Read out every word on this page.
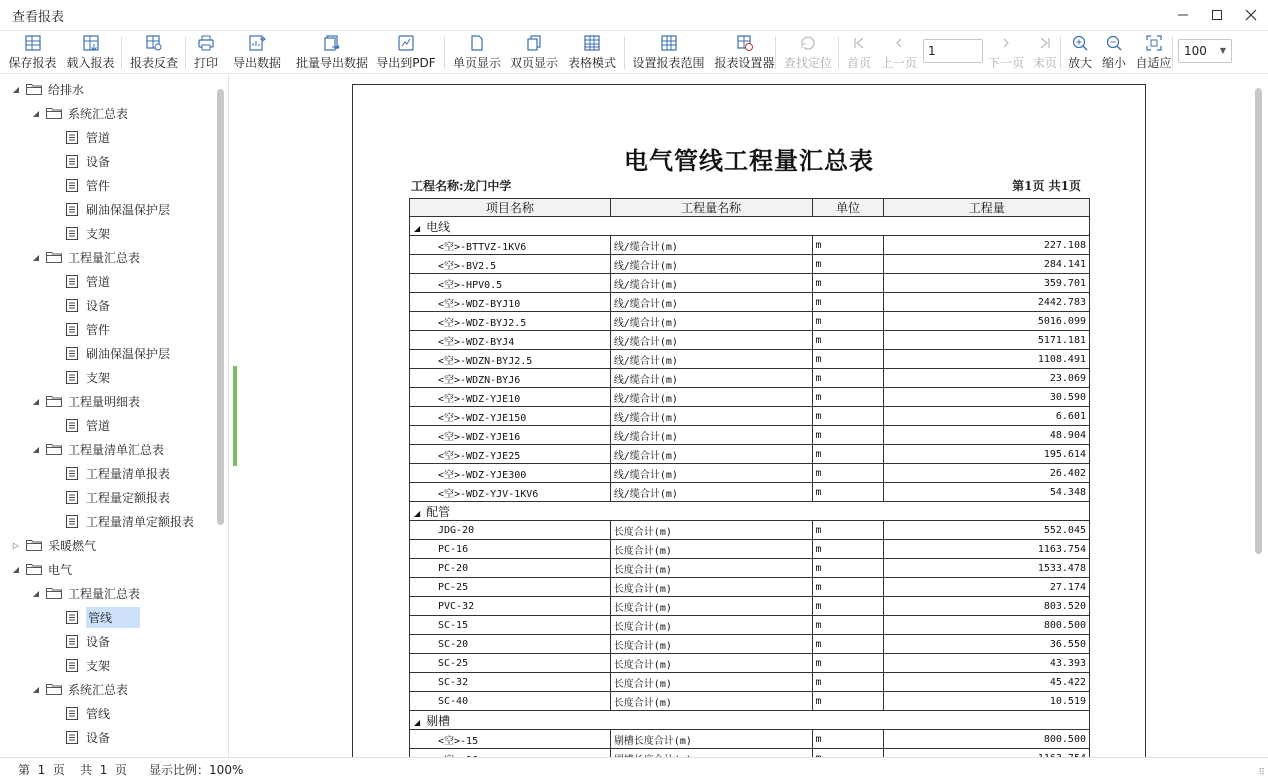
查看报表
1
100 ▼
保存报表 载入报表 报表反查 打印 导出数据 批量导出数据 导出到PDF 单页显示 双页显示 表格模式 设置报表范围 报表设置器 查找定位 首页 上一页	下一页 末页 放大 缩小 自适应
◢ 给排水
◢ 系统汇总表
管道
设备
管件
刷油保温保护层
支架
◢ 工程量汇总表
管道
设备
管件
刷油保温保护层
支架
◢ 工程量明细表
管道
◢ 工程量清单汇总表
工程量清单报表
工程量定额报表
工程量清单定额报表
▷ 采暖燃气
◢ 电气
◢ 工程量汇总表
管线
设备
支架
◢ 系统汇总表
管线
设备
电气管线工程量汇总表
工程名称:龙门中学	第1页 共1页
项目名称	工程量名称	单位	工程量
◢ 电线			
<空>-BTTVZ-1KV6	线/缆合计(m)	m	227.108
<空>-BV2.5	线/缆合计(m)	m	284.141
<空>-HPV0.5	线/缆合计(m)	m	359.701
<空>-WDZ-BYJ10	线/缆合计(m)	m	2442.783
<空>-WDZ-BYJ2.5	线/缆合计(m)	m	5016.099
<空>-WDZ-BYJ4	线/缆合计(m)	m	5171.181
<空>-WDZN-BYJ2.5	线/缆合计(m)	m	1108.491
<空>-WDZN-BYJ6	线/缆合计(m)	m	23.069
<空>-WDZ-YJE10	线/缆合计(m)	m	30.590
<空>-WDZ-YJE150	线/缆合计(m)	m	6.601
<空>-WDZ-YJE16	线/缆合计(m)	m	48.904
<空>-WDZ-YJE25	线/缆合计(m)	m	195.614
<空>-WDZ-YJE300	线/缆合计(m)	m	26.402
<空>-WDZ-YJV-1KV6	线/缆合计(m)	m	54.348
◢ 配管			
JDG-20	长度合计(m)	m	552.045
PC-16	长度合计(m)	m	1163.754
PC-20	长度合计(m)	m	1533.478
PC-25	长度合计(m)	m	27.174
PVC-32	长度合计(m)	m	803.520
SC-15	长度合计(m)	m	800.500
SC-20	长度合计(m)	m	36.550
SC-25	长度合计(m)	m	43.393
SC-32	长度合计(m)	m	45.422
SC-40	长度合计(m)	m	10.519
◢ 剔槽			
<空>-15	剔槽长度合计(m)	m	800.500

第  1  页    共  1  页 显示比例：100%	⠿
